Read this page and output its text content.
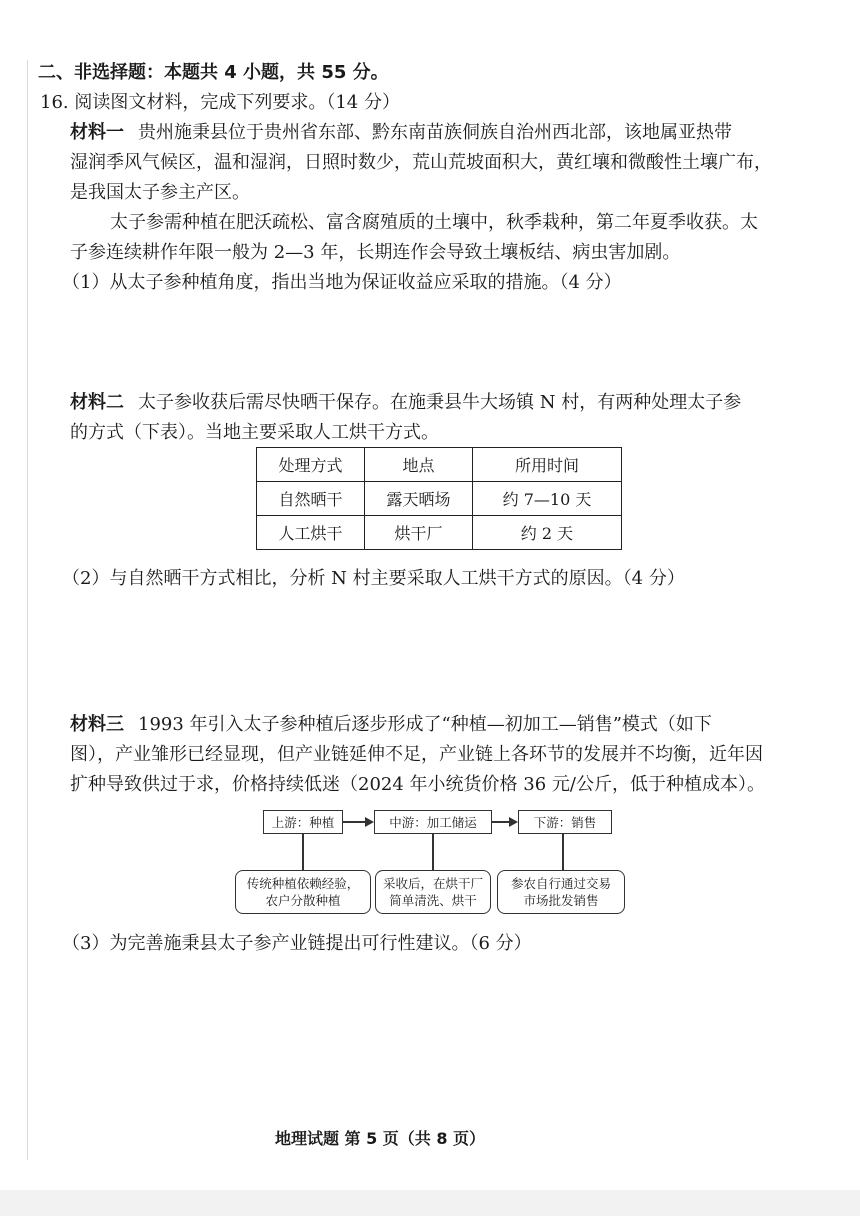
二、非选择题：本题共 4 小题，共 55 分。
16. 阅读图文材料，完成下列要求。（14 分）
材料一 贵州施秉县位于贵州省东部、黔东南苗族侗族自治州西北部，该地属亚热带
湿润季风气候区，温和湿润，日照时数少，荒山荒坡面积大，黄红壤和微酸性土壤广布，
是我国太子参主产区。
太子参需种植在肥沃疏松、富含腐殖质的土壤中，秋季栽种，第二年夏季收获。太
子参连续耕作年限一般为 2—3 年，长期连作会导致土壤板结、病虫害加剧。
（1）从太子参种植角度，指出当地为保证收益应采取的措施。（4 分）
材料二 太子参收获后需尽快晒干保存。在施秉县牛大场镇 N 村，有两种处理太子参
的方式（下表）。当地主要采取人工烘干方式。
处理方式	地点	所用时间
自然晒干	露天晒场	约 7—10 天
人工烘干	烘干厂	约 2 天
（2）与自然晒干方式相比，分析 N 村主要采取人工烘干方式的原因。（4 分）
材料三 1993 年引入太子参种植后逐步形成了“种植—初加工—销售”模式（如下
图），产业雏形已经显现，但产业链延伸不足，产业链上各环节的发展并不均衡，近年因
扩种导致供过于求，价格持续低迷（2024 年小统货价格 36 元/公斤，低于种植成本）。
上游：种植	中游：加工储运	下游：销售
传统种植依赖经验，
农户分散种植
采收后，在烘干厂
简单清洗、烘干
参农自行通过交易
市场批发销售
（3）为完善施秉县太子参产业链提出可行性建议。（6 分）
地理试题 第 5 页（共 8 页）
